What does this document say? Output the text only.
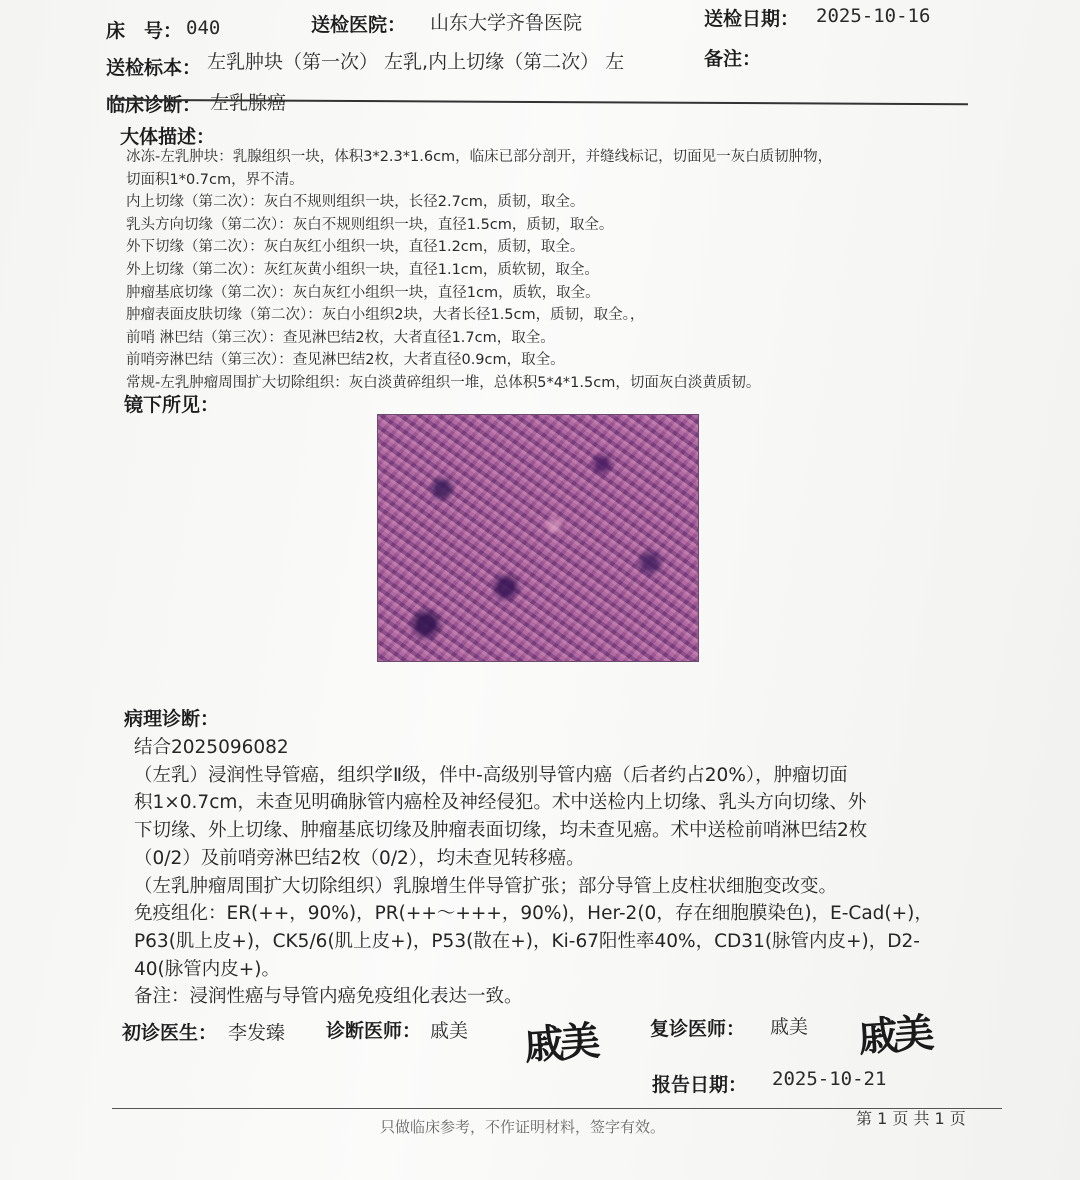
床　号： 040	送检医院： 山东大学齐鲁医院	送检日期： 2025-10-16
送检标本： 左乳肿块（第一次） 左乳,内上切缘（第二次） 左	备注：
临床诊断： 左乳腺癌
大体描述：
冰冻-左乳肿块：乳腺组织一块，体积3*2.3*1.6cm，临床已部分剖开，并缝线标记，切面见一灰白质韧肿物，
切面积1*0.7cm，界不清。
内上切缘（第二次）：灰白不规则组织一块，长径2.7cm，质韧，取全。
乳头方向切缘（第二次）：灰白不规则组织一块，直径1.5cm，质韧，取全。
外下切缘（第二次）：灰白灰红小组织一块，直径1.2cm，质韧，取全。
外上切缘（第二次）：灰红灰黄小组织一块，直径1.1cm，质软韧，取全。
肿瘤基底切缘（第二次）：灰白灰红小组织一块，直径1cm，质软，取全。
肿瘤表面皮肤切缘（第二次）：灰白小组织2块，大者长径1.5cm，质韧，取全。，
前哨 淋巴结（第三次）：查见淋巴结2枚，大者直径1.7cm，取全。
前哨旁淋巴结（第三次）：查见淋巴结2枚，大者直径0.9cm，取全。
常规-左乳肿瘤周围扩大切除组织：灰白淡黄碎组织一堆，总体积5*4*1.5cm，切面灰白淡黄质韧。
镜下所见：
病理诊断：
结合2025096082
（左乳）浸润性导管癌，组织学Ⅱ级，伴中-高级别导管内癌（后者约占20%），肿瘤切面
积1×0.7cm，未查见明确脉管内癌栓及神经侵犯。术中送检内上切缘、乳头方向切缘、外
下切缘、外上切缘、肿瘤基底切缘及肿瘤表面切缘，均未查见癌。术中送检前哨淋巴结2枚
（0/2）及前哨旁淋巴结2枚（0/2），均未查见转移癌。
（左乳肿瘤周围扩大切除组织）乳腺增生伴导管扩张；部分导管上皮柱状细胞变改变。
免疫组化：ER(++，90%)，PR(++～+++，90%)，Her-2(0，存在细胞膜染色)，E-Cad(+)，
P63(肌上皮+)，CK5/6(肌上皮+)，P53(散在+)，Ki-67阳性率40%，CD31(脉管内皮+)，D2-
40(脉管内皮+)。
备注：浸润性癌与导管内癌免疫组化表达一致。
初诊医生： 李发臻 诊断医师： 戚美 戚美	复诊医师： 戚美 戚美
报告日期： 2025-10-21
只做临床参考，不作证明材料，签字有效。	第 1 页 共 1 页
